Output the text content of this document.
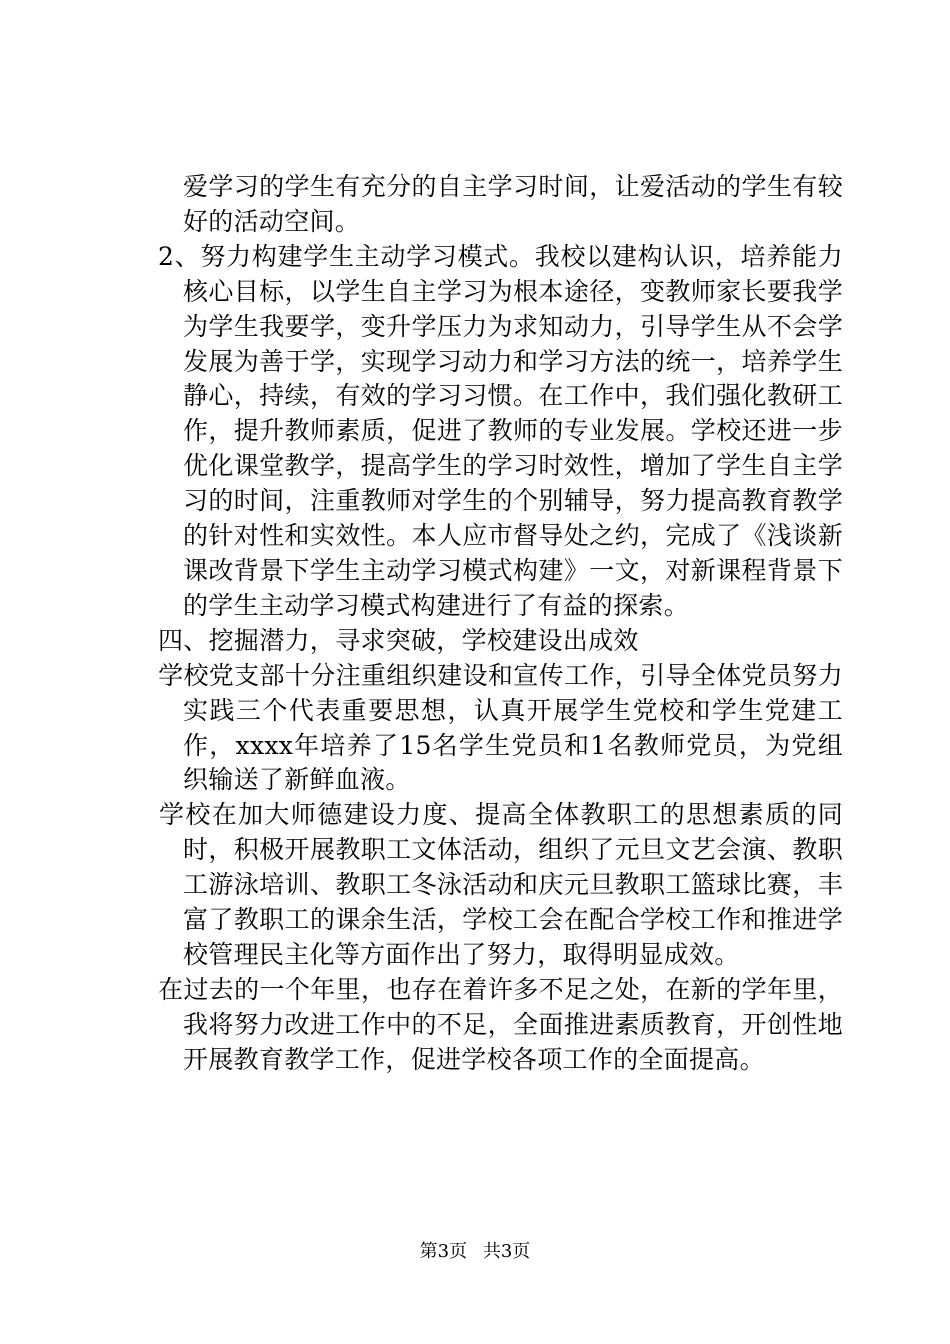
爱学习的学生有充分的自主学习时间，让爱活动的学生有较好的活动空间。

2、努力构建学生主动学习模式。我校以建构认识，培养能力核心目标，以学生自主学习为根本途径，变教师家长要我学为学生我要学，变升学压力为求知动力，引导学生从不会学发展为善于学，实现学习动力和学习方法的统一，培养学生静心，持续，有效的学习习惯。在工作中，我们强化教研工作，提升教师素质，促进了教师的专业发展。学校还进一步优化课堂教学，提高学生的学习时效性，增加了学生自主学习的时间，注重教师对学生的个别辅导，努力提高教育教学的针对性和实效性。本人应市督导处之约，完成了《浅谈新课改背景下学生主动学习模式构建》一文，对新课程背景下的学生主动学习模式构建进行了有益的探索。

四、挖掘潜力，寻求突破，学校建设出成效

学校党支部十分注重组织建设和宣传工作，引导全体党员努力实践三个代表重要思想，认真开展学生党校和学生党建工作，xxxx年培养了15名学生党员和1名教师党员，为党组织输送了新鲜血液。

学校在加大师德建设力度、提高全体教职工的思想素质的同时，积极开展教职工文体活动，组织了元旦文艺会演、教职工游泳培训、教职工冬泳活动和庆元旦教职工篮球比赛，丰富了教职工的课余生活，学校工会在配合学校工作和推进学校管理民主化等方面作出了努力，取得明显成效。

在过去的一个年里，也存在着许多不足之处，在新的学年里，我将努力改进工作中的不足，全面推进素质教育，开创性地开展教育教学工作，促进学校各项工作的全面提高。

第3页 共3页
